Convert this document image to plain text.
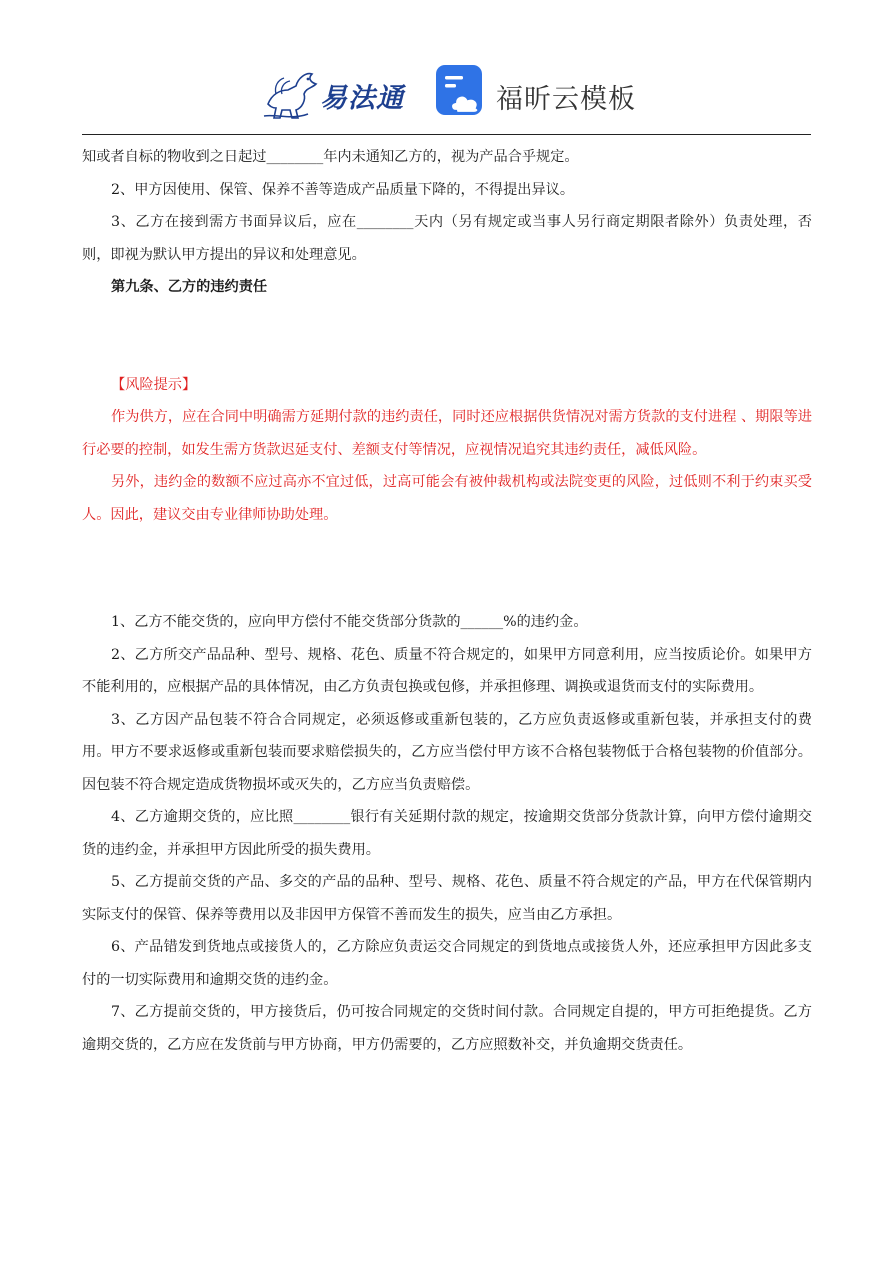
易法通	福昕云模板

知或者自标的物收到之日起过________年内未通知乙方的，视为产品合乎规定。

2、甲方因使用、保管、保养不善等造成产品质量下降的，不得提出异议。

3、乙方在接到需方书面异议后，应在________天内（另有规定或当事人另行商定期限者除外）负责处理，否则，即视为默认甲方提出的异议和处理意见。

第九条、乙方的违约责任

【风险提示】

作为供方，应在合同中明确需方延期付款的违约责任，同时还应根据供货情况对需方货款的支付进程 、期限等进行必要的控制，如发生需方货款迟延支付、差额支付等情况，应视情况追究其违约责任，减低风险。

另外，违约金的数额不应过高亦不宜过低，过高可能会有被仲裁机构或法院变更的风险，过低则不利于约束买受人。因此，建议交由专业律师协助处理。

1、乙方不能交货的，应向甲方偿付不能交货部分货款的______%的违约金。

2、乙方所交产品品种、型号、规格、花色、质量不符合规定的，如果甲方同意利用，应当按质论价。如果甲方不能利用的，应根据产品的具体情况，由乙方负责包换或包修，并承担修理、调换或退货而支付的实际费用。

3、乙方因产品包装不符合合同规定，必须返修或重新包装的，乙方应负责返修或重新包装，并承担支付的费用。甲方不要求返修或重新包装而要求赔偿损失的，乙方应当偿付甲方该不合格包装物低于合格包装物的价值部分。因包装不符合规定造成货物损坏或灭失的，乙方应当负责赔偿。

4、乙方逾期交货的，应比照________银行有关延期付款的规定，按逾期交货部分货款计算，向甲方偿付逾期交货的违约金，并承担甲方因此所受的损失费用。

5、乙方提前交货的产品、多交的产品的品种、型号、规格、花色、质量不符合规定的产品，甲方在代保管期内实际支付的保管、保养等费用以及非因甲方保管不善而发生的损失，应当由乙方承担。

6、产品错发到货地点或接货人的，乙方除应负责运交合同规定的到货地点或接货人外，还应承担甲方因此多支付的一切实际费用和逾期交货的违约金。

7、乙方提前交货的，甲方接货后，仍可按合同规定的交货时间付款。合同规定自提的，甲方可拒绝提货。乙方逾期交货的，乙方应在发货前与甲方协商，甲方仍需要的，乙方应照数补交，并负逾期交货责任。
